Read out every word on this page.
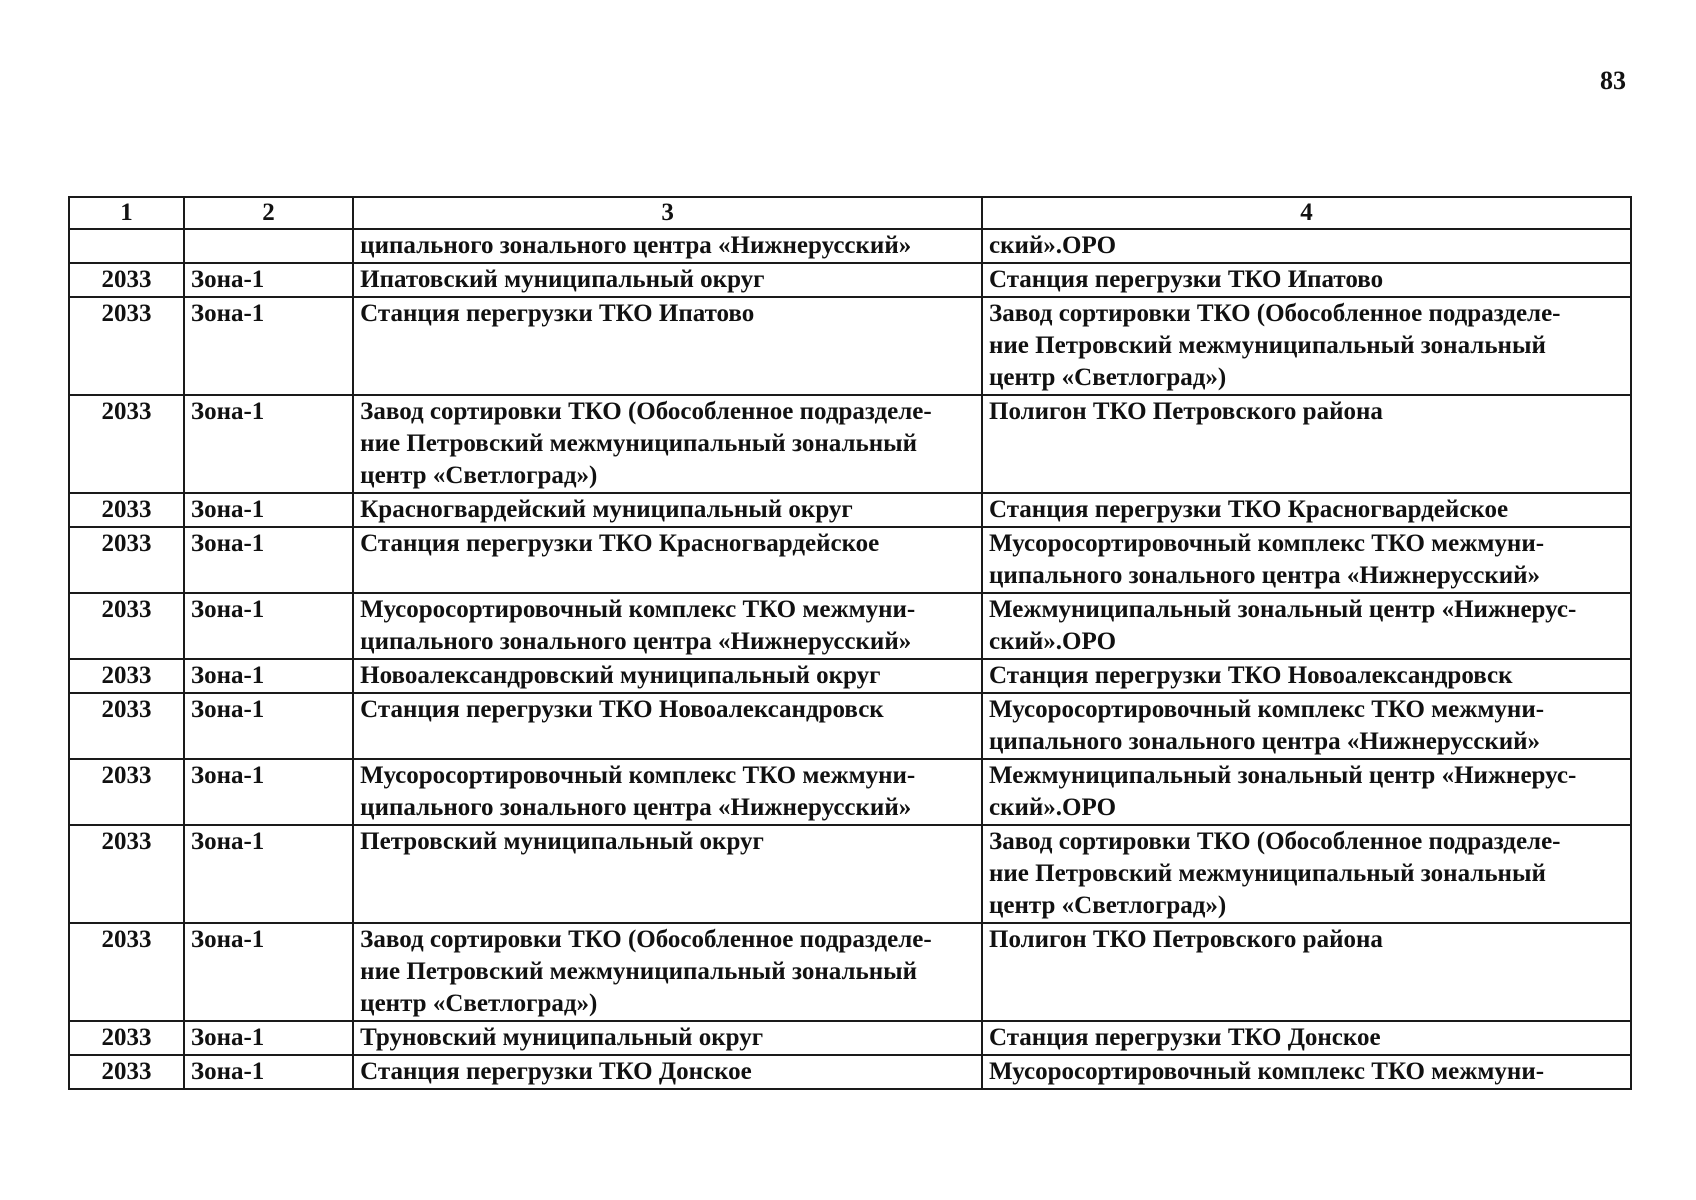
83
1	2	3	4

		ципального зонального центра «Нижнерусский»	ский».ОРО

2033	Зона-1	Ипатовский муниципальный округ	Станция перегрузки ТКО Ипатово

2033	Зона-1	Станция перегрузки ТКО Ипатово	Завод сортировки ТКО (Обособленное подразделе-
ние Петровский межмуниципальный зональный
центр «Светлоград»)

2033	Зона-1	Завод сортировки ТКО (Обособленное подразделе-
ние Петровский межмуниципальный зональный
центр «Светлоград»)	Полигон ТКО Петровского района

2033	Зона-1	Красногвардейский муниципальный округ	Станция перегрузки ТКО Красногвардейское

2033	Зона-1	Станция перегрузки ТКО Красногвардейское	Мусоросортировочный комплекс ТКО межмуни-
ципального зонального центра «Нижнерусский»

2033	Зона-1	Мусоросортировочный комплекс ТКО межмуни-
ципального зонального центра «Нижнерусский»	Межмуниципальный зональный центр «Нижнерус-
ский».ОРО

2033	Зона-1	Новоалександровский муниципальный округ	Станция перегрузки ТКО Новоалександровск

2033	Зона-1	Станция перегрузки ТКО Новоалександровск	Мусоросортировочный комплекс ТКО межмуни-
ципального зонального центра «Нижнерусский»

2033	Зона-1	Мусоросортировочный комплекс ТКО межмуни-
ципального зонального центра «Нижнерусский»	Межмуниципальный зональный центр «Нижнерус-
ский».ОРО

2033	Зона-1	Петровский муниципальный округ	Завод сортировки ТКО (Обособленное подразделе-
ние Петровский межмуниципальный зональный
центр «Светлоград»)

2033	Зона-1	Завод сортировки ТКО (Обособленное подразделе-
ние Петровский межмуниципальный зональный
центр «Светлоград»)	Полигон ТКО Петровского района

2033	Зона-1	Труновский муниципальный округ	Станция перегрузки ТКО Донское

2033	Зона-1	Станция перегрузки ТКО Донское	Мусоросортировочный комплекс ТКО межмуни-
